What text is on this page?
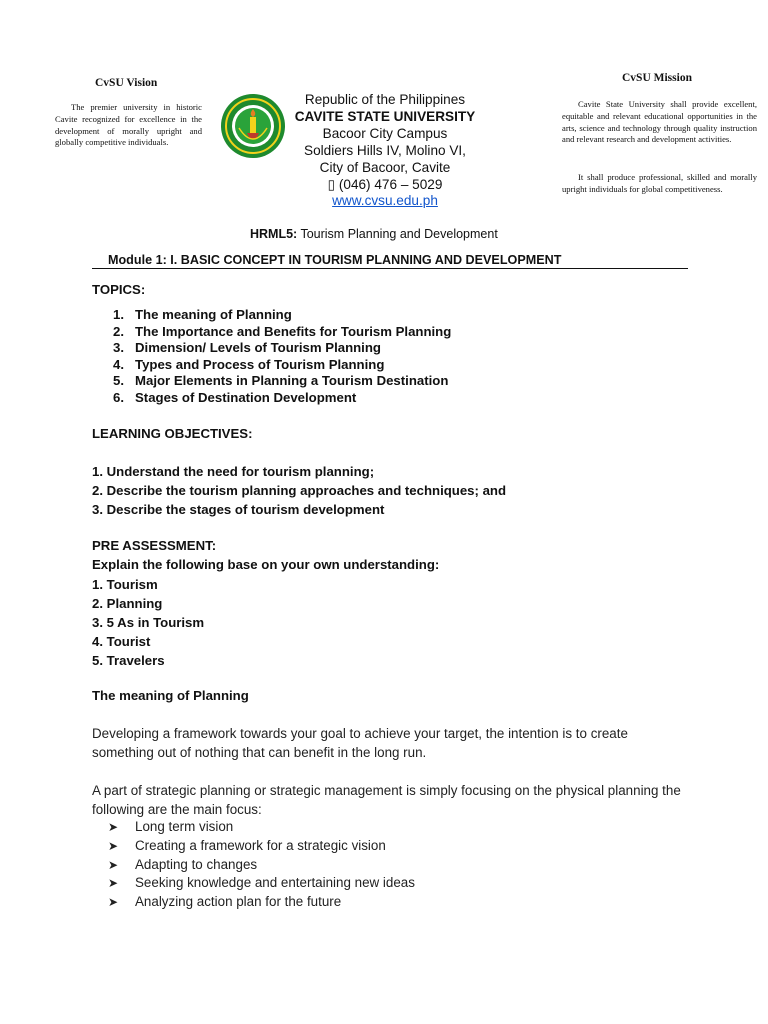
CvSU Vision

The premier university in historic Cavite recognized for excellence in the development of morally upright and globally competitive individuals.

Republic of the Philippines
CAVITE STATE UNIVERSITY
Bacoor City Campus
Soldiers Hills IV, Molino VI,
City of Bacoor, Cavite
▯ (046) 476 – 5029
www.cvsu.edu.ph
CvSU Mission

Cavite State University shall provide excellent, equitable and relevant educational opportunities in the arts, science and technology through quality instruction and relevant research and development activities.

It shall produce professional, skilled and morally upright individuals for global competitiveness.

HRML5: Tourism Planning and Development
Module 1: I. BASIC CONCEPT IN TOURISM PLANNING AND DEVELOPMENT
TOPICS:
1. The meaning of Planning
2. The Importance and Benefits for Tourism Planning
3. Dimension/ Levels of Tourism Planning
4. Types and Process of Tourism Planning
5. Major Elements in Planning a Tourism Destination
6. Stages of Destination Development
LEARNING OBJECTIVES:
1. Understand the need for tourism planning;
2. Describe the tourism planning approaches and techniques; and
3. Describe the stages of tourism development
PRE ASSESSMENT:
Explain the following base on your own understanding:
1. Tourism
2. Planning
3. 5 As in Tourism
4. Tourist
5. Travelers
The meaning of Planning
Developing a framework towards your goal to achieve your target, the intention is to create something out of nothing that can benefit in the long run.
A part of strategic planning or strategic management is simply focusing on the physical planning the following are the main focus:
➤ Long term vision
➤ Creating a framework for a strategic vision
➤ Adapting to changes
➤ Seeking knowledge and entertaining new ideas
➤ Analyzing action plan for the future
